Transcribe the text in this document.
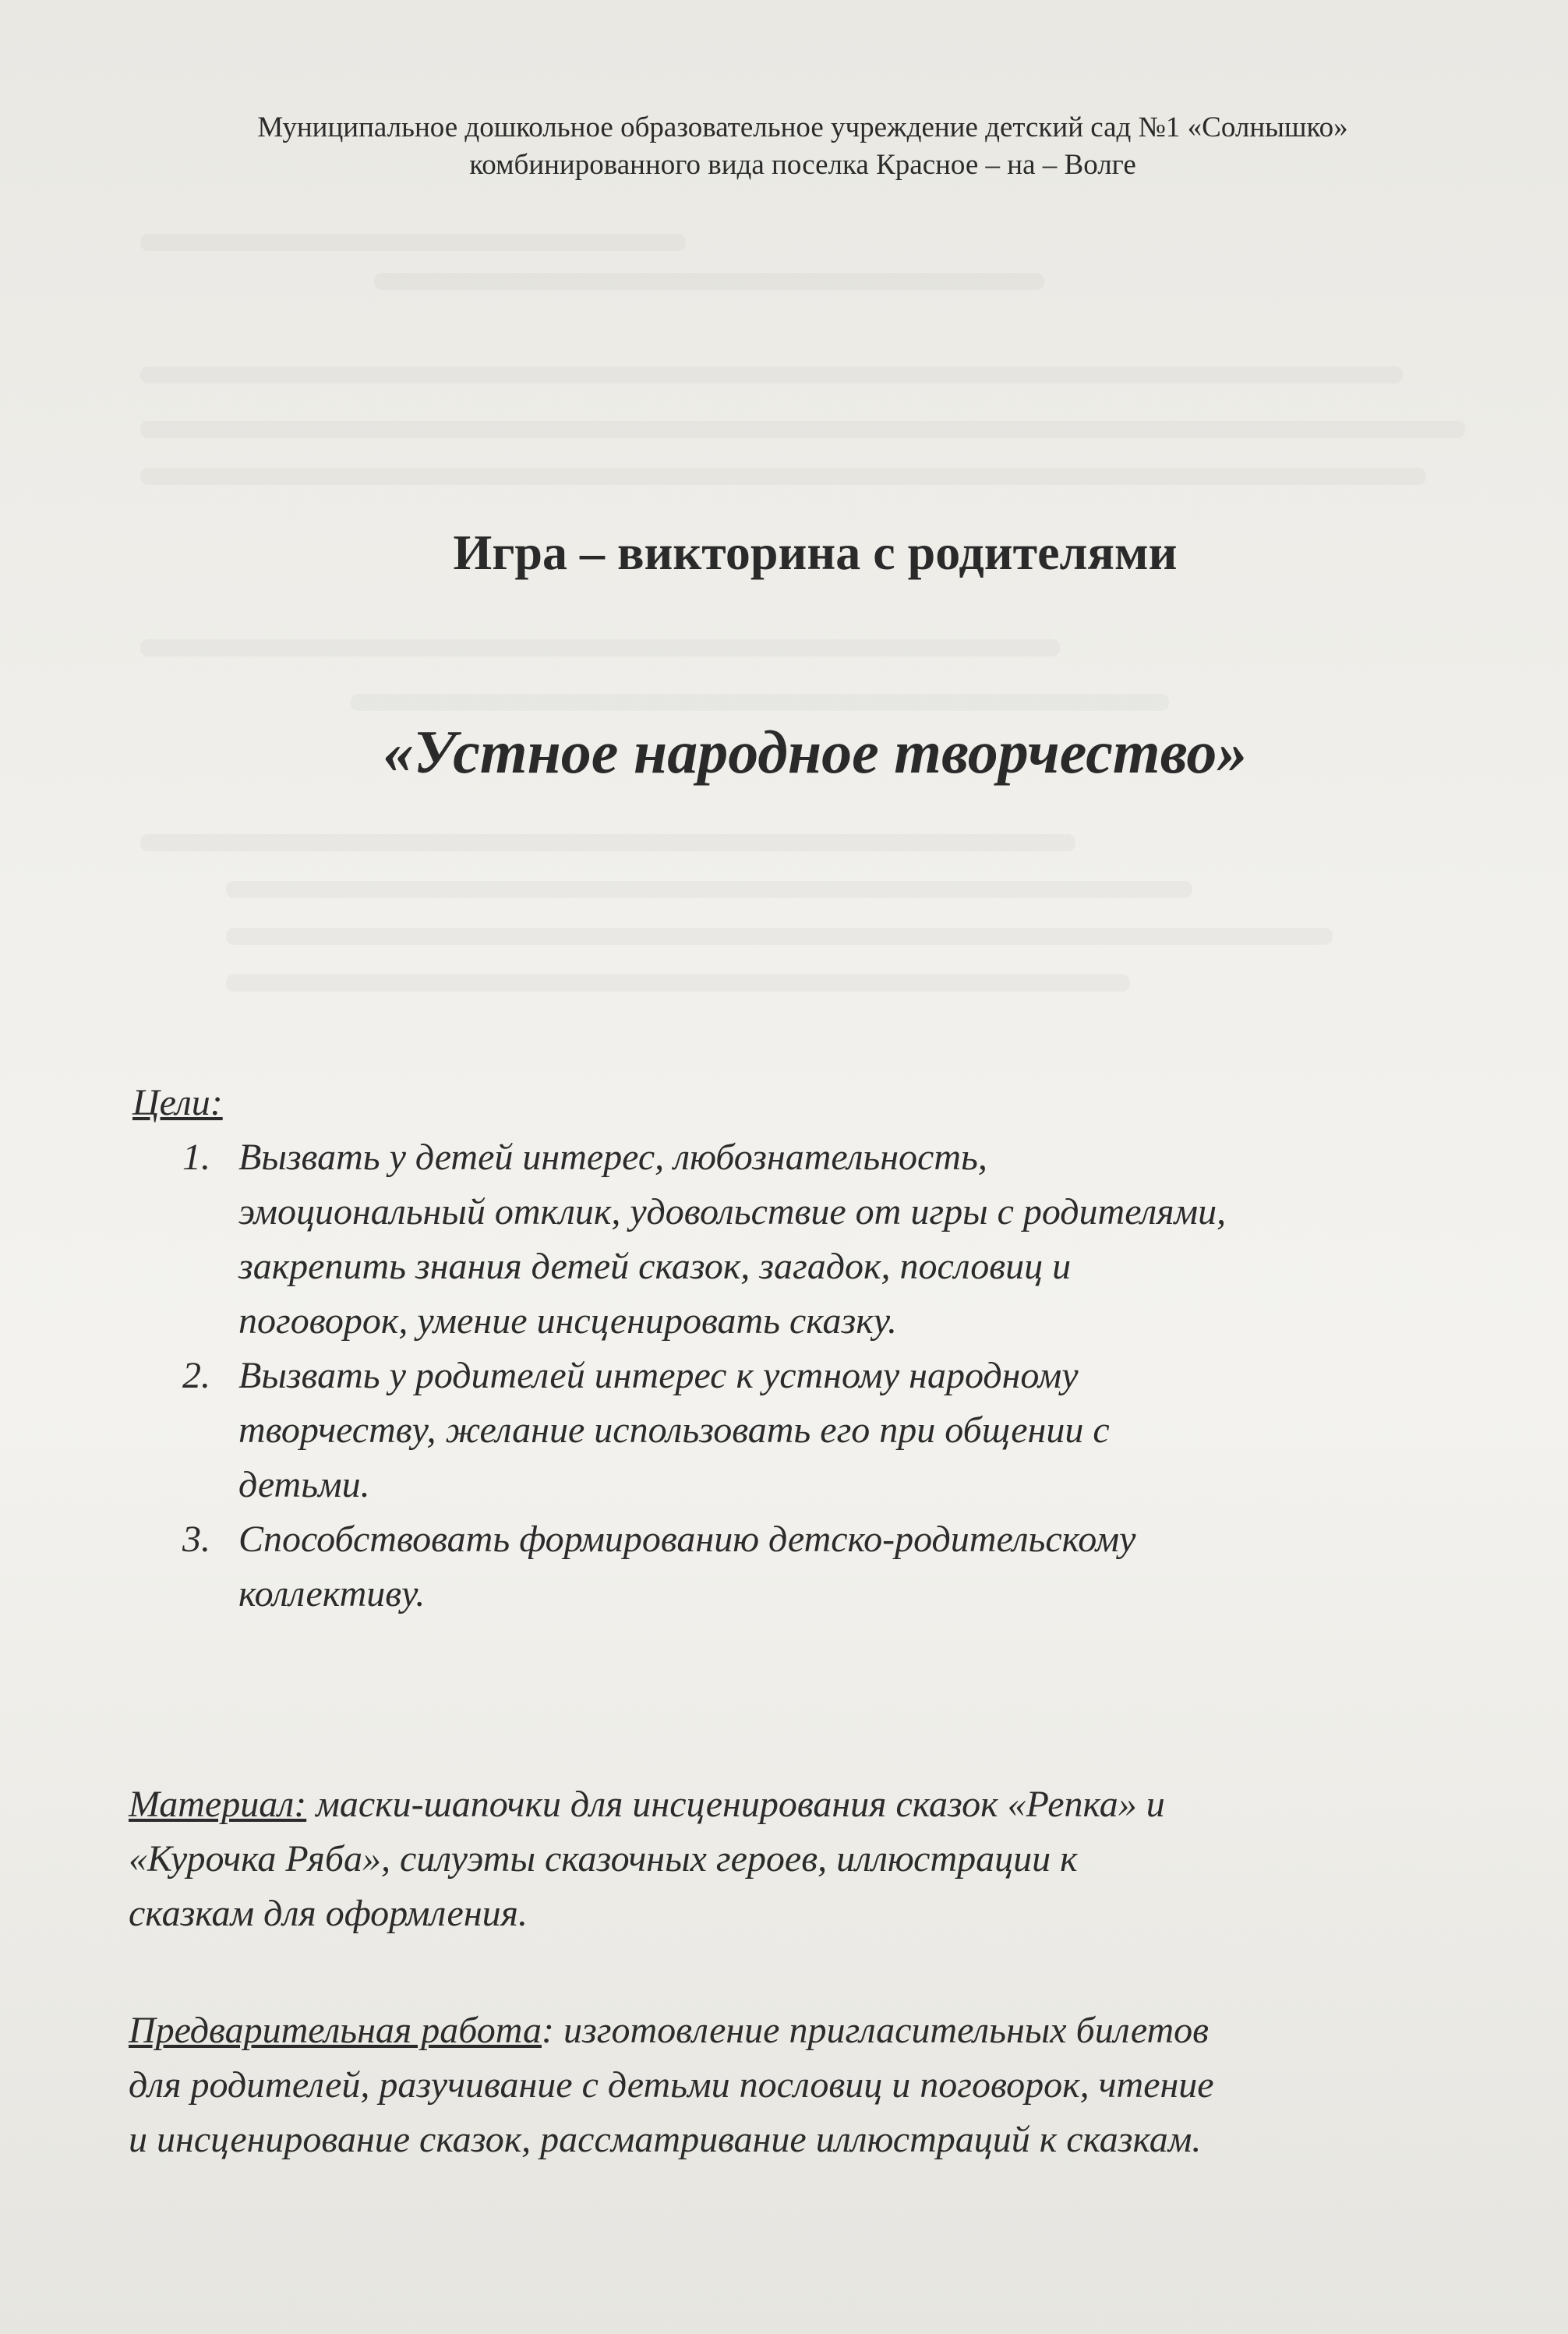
Муниципальное дошкольное образовательное учреждение детский сад №1 «Солнышко»
комбинированного вида поселка Красное – на – Волге
Игра – викторина с родителями
«Устное народное творчество»
Цели:
1. Вызвать у детей интерес, любознательность,
эмоциональный отклик, удовольствие от игры с родителями,
закрепить знания детей сказок, загадок, пословиц и
поговорок, умение инсценировать сказку.
2. Вызвать у родителей интерес к устному народному
творчеству, желание использовать его при общении с
детьми.
3. Способствовать формированию детско-родительскому
коллективу.
Материал: маски-шапочки для инсценирования сказок «Репка» и
«Курочка Ряба», силуэты сказочных героев, иллюстрации к
сказкам для оформления.
Предварительная работа: изготовление пригласительных билетов
для родителей, разучивание с детьми пословиц и поговорок, чтение
и инсценирование сказок, рассматривание иллюстраций к сказкам.
